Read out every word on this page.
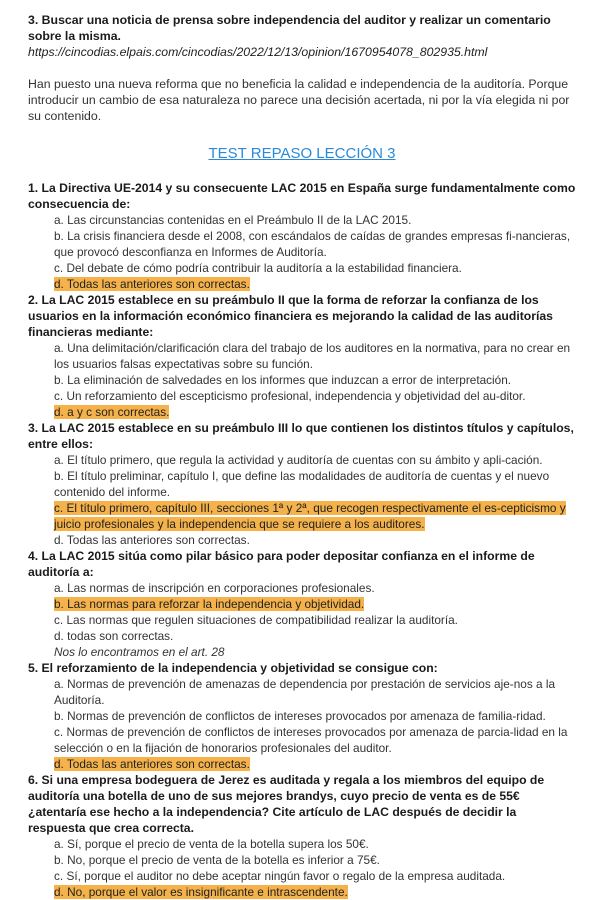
3. Buscar una noticia de prensa sobre independencia del auditor y realizar un comentario sobre la misma.

https://cincodias.elpais.com/cincodias/2022/12/13/opinion/1670954078_802935.html

Han puesto una nueva reforma que no beneficia la calidad e independencia de la auditoría. Porque introducir un cambio de esa naturaleza no parece una decisión acertada, ni por la vía elegida ni por su contenido.

TEST REPASO LECCIÓN 3

1. La Directiva UE-2014 y su consecuente LAC 2015 en España surge fundamentalmente como consecuencia de:

a. Las circunstancias contenidas en el Preámbulo II de la LAC 2015.
b. La crisis financiera desde el 2008, con escándalos de caídas de grandes empresas fi-nancieras, que provocó desconfianza en Informes de Auditoría.
c. Del debate de cómo podría contribuir la auditoría a la estabilidad financiera.
d. Todas las anteriores son correctas.

2. La LAC 2015 establece en su preámbulo II que la forma de reforzar la confianza de los usuarios en la información económico financiera es mejorando la calidad de las auditorías financieras mediante:

a. Una delimitación/clarificación clara del trabajo de los auditores en la normativa, para no crear en los usuarios falsas expectativas sobre su función.
b. La eliminación de salvedades en los informes que induzcan a error de interpretación.
c. Un reforzamiento del escepticismo profesional, independencia y objetividad del au-ditor.
d. a y c son correctas.

3. La LAC 2015 establece en su preámbulo III lo que contienen los distintos títulos y capítulos, entre ellos:

a. El título primero, que regula la actividad y auditoría de cuentas con su ámbito y apli-cación.
b. El título preliminar, capítulo I, que define las modalidades de auditoría de cuentas y el nuevo contenido del informe.
c. El título primero, capítulo III, secciones 1ª y 2ª, que recogen respectivamente el es-cepticismo y juicio profesionales y la independencia que se requiere a los auditores.
d. Todas las anteriores son correctas.

4. La LAC 2015 sitúa como pilar básico para poder depositar confianza en el informe de auditoría a:

a. Las normas de inscripción en corporaciones profesionales.
b. Las normas para reforzar la independencia y objetividad.
c. Las normas que regulen situaciones de compatibilidad realizar la auditoría.
d. todas son correctas.

Nos lo encontramos en el art. 28

5. El reforzamiento de la independencia y objetividad se consigue con:

a. Normas de prevención de amenazas de dependencia por prestación de servicios aje-nos a la Auditoría.
b. Normas de prevención de conflictos de intereses provocados por amenaza de familia-ridad.
c. Normas de prevención de conflictos de intereses provocados por amenaza de parcia-lidad en la selección o en la fijación de honorarios profesionales del auditor.
d. Todas las anteriores son correctas.

6. Si una empresa bodeguera de Jerez es auditada y regala a los miembros del equipo de auditoría una botella de uno de sus mejores brandys, cuyo precio de venta es de 55€ ¿atentaría ese hecho a la independencia? Cite artículo de LAC después de decidir la respuesta que crea correcta.

a. Sí, porque el precio de venta de la botella supera los 50€.
b. No, porque el precio de venta de la botella es inferior a 75€.
c. Sí, porque el auditor no debe aceptar ningún favor o regalo de la empresa auditada.
d. No, porque el valor es insignificante e intrascendente.
